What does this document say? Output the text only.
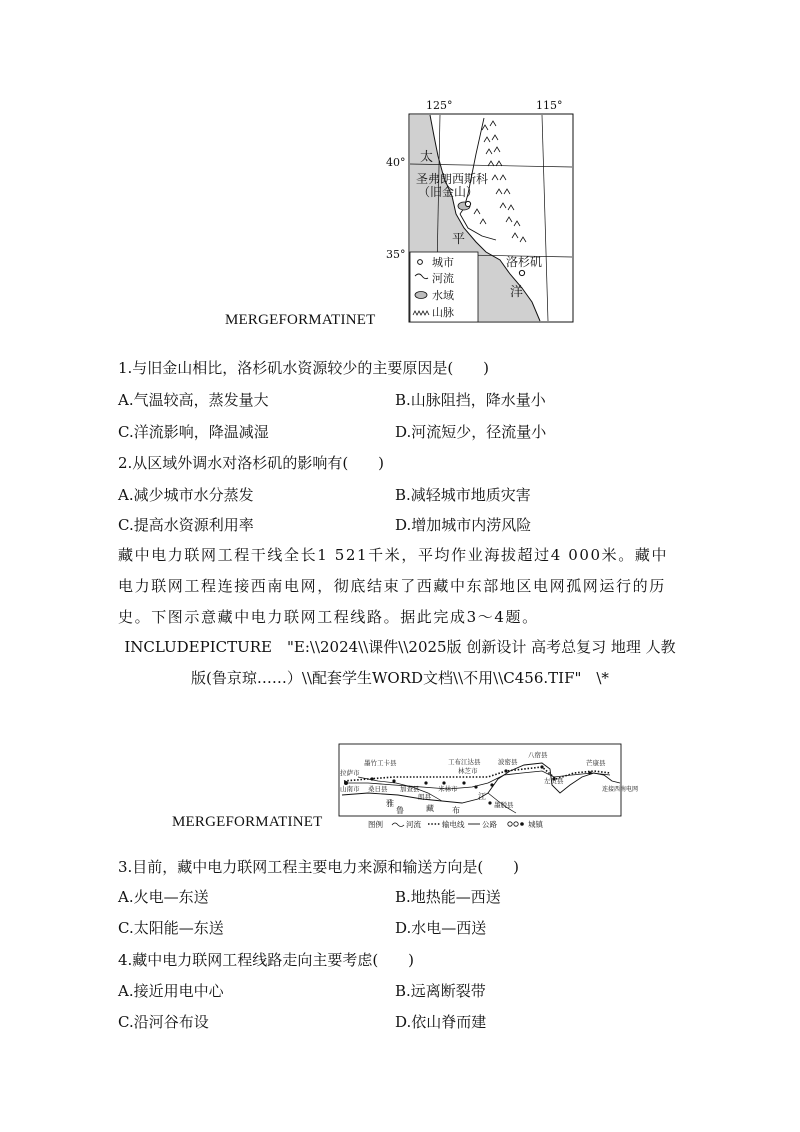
125°	115°
40°
35°
太
平
洋
圣弗朗西斯科
（旧金山）
洛杉矶
城市
河流
水域
山脉
MERGEFORMATINET
1.与旧金山相比，洛杉矶水资源较少的主要原因是(　　)
A.气温较高，蒸发量大	B.山脉阻挡，降水量小
C.洋流影响，降温减湿	D.河流短少，径流量小
2.从区域外调水对洛杉矶的影响有(　　)
A.减少城市水分蒸发	B.减轻城市地质灾害
C.提高水资源利用率	D.增加城市内涝风险
藏中电力联网工程干线全长1 521千米，平均作业海拔超过4 000米。藏中电力联网工程连接西南电网，彻底结束了西藏中东部地区电网孤网运行的历史。下图示意藏中电力联网工程线路。据此完成3～4题。
INCLUDEPICTURE　"E:\\2024\\课件\\2025版 创新设计 高考总复习 地理 人教
版(鲁京琼……）\\配套学生WORD文档\\不用\\C456.TIF"　\*
拉萨市
墨竹工卡县	工布江达县
林芝市
波密县
八宿县
左贡县
芒康县
山南市 桑日县 加查县
朗县
米林市
墨脱县
雅
鲁	藏 布
江
连接西南电网
图例	河流	输电线 公路	城镇
MERGEFORMATINET
3.目前，藏中电力联网工程主要电力来源和输送方向是(　　)
A.火电—东送	B.地热能—西送
C.太阳能—东送	D.水电—西送
4.藏中电力联网工程线路走向主要考虑(　　)
A.接近用电中心	B.远离断裂带
C.沿河谷布设	D.依山脊而建
